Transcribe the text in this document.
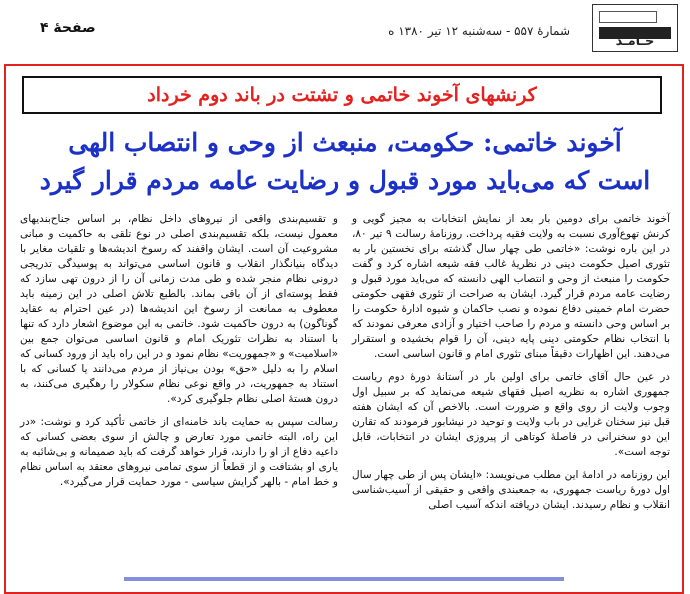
خـامـد
شمارهٔ ۵۵۷ - سه‌شنبه ۱۲ تیر ۱۳۸۰ ه
صفحهٔ ۴
کرنشهای آخوند خاتمی و تشتت در باند دوم خرداد
آخوند خاتمی: حکومت، منبعث از وحی و انتصاب الهی
است که می‌باید مورد قبول و رضایت عامه مردم قرار گیرد

آخوند خاتمی برای دومین بار بعد از نمایش انتخابات به مجیز گویی و کرنش تهوع‌آوری نسبت به ولایت فقیه پرداخت. روزنامهٔ رسالت ۹ تیر ۸۰، در این باره نوشت: «خاتمی طی چهار سال گذشته برای نخستین بار به تئوری اصیل حکومت دینی در نظریهٔ غالب فقه شیعه اشاره کرد و گفت حکومت را منبعث از وحی و انتصاب الهی دانسته که می‌باید مورد قبول و رضایت عامه مردم قرار گیرد. ایشان به صراحت از تئوری فقهی حکومتی حضرت امام خمینی دفاع نموده و نصب حاکمان و شیوه ادارهٔ حکومت را بر اساس وحی دانسته و مردم را صاحب اختیار و آزادی معرفی نمودند که با انتخاب نظام حکومتی دینی پایه دینی، آن را قوام بخشیده و استقرار می‌دهند. این اظهارات دقیقاً مبنای تئوری امام و قانون اساسی است.

در عین حال آقای خاتمی برای اولین بار در آستانهٔ دورهٔ دوم ریاست جمهوری اشاره به نظریه اصیل فقهای شیعه می‌نماید که بر سبیل اول وجوب ولایت از روی واقع و ضرورت است. بالاخص آن که ایشان هفته قبل نیز سخنان غرایی در باب ولایت و توحید در نیشابور فرمودند که تقارن این دو سخنرانی در فاصلهٔ کوتاهی از پیروزی ایشان در انتخابات، قابل توجه است».

این روزنامه در ادامهٔ این مطلب می‌نویسد: «ایشان پس از طی چهار سال اول دورهٔ ریاست جمهوری، به جمعبندی واقعی و حقیقی از آسیب‌شناسی انقلاب و نظام رسیدند. ایشان دریافته اندکه آسیب اصلی

و تقسیم‌بندی واقعی از نیروهای داخل نظام، بر اساس جناح‌بندیهای معمول نیست، بلکه تقسیم‌بندی اصلی در نوع تلقی به حاکمیت و مبانی مشروعیت آن است. ایشان واقفند که رسوخ اندیشه‌ها و تلقیات مغایر با دیدگاه بنیانگذار انقلاب و قانون اساسی می‌تواند به پوسیدگی تدریجی درونی نظام منجر شده و طی مدت زمانی آن را از درون تهی سازد که فقط پوسته‌ای از آن باقی بماند. بالطبع تلاش اصلی در این زمینه باید معطوف به ممانعت از رسوخ این اندیشه‌ها (در عین احترام به عقاید گوناگون) به درون حاکمیت شود. خاتمی به این موضوع اشعار دارد که تنها با استناد به نظرات تئوریک امام و قانون اساسی می‌توان جمع بین «اسلامیت» و «جمهوریت» نظام نمود و در این راه باید از ورود کسانی که اسلام را به دلیل «حق» بودن بی‌نیاز از مردم می‌دانند یا کسانی که با استناد به جمهوریت، در واقع نوعی نظام سکولار را رهگیری می‌کنند، به درون هستهٔ اصلی نظام جلوگیری کرد».

رسالت سپس به حمایت باند خامنه‌ای از خاتمی تأکید کرد و نوشت: «در این راه، البته خاتمی مورد تعارض و چالش از سوی بعضی کسانی که داعیه دفاع از او را دارند، قرار خواهد گرفت که باید صمیمانه و بی‌شائبه به یاری او بشتافت و از قطعاً از سوی تمامی نیروهای معتقد به اساس نظام و خط امام - بالهر گرایش سیاسی - مورد حمایت قرار می‌گیرد».
